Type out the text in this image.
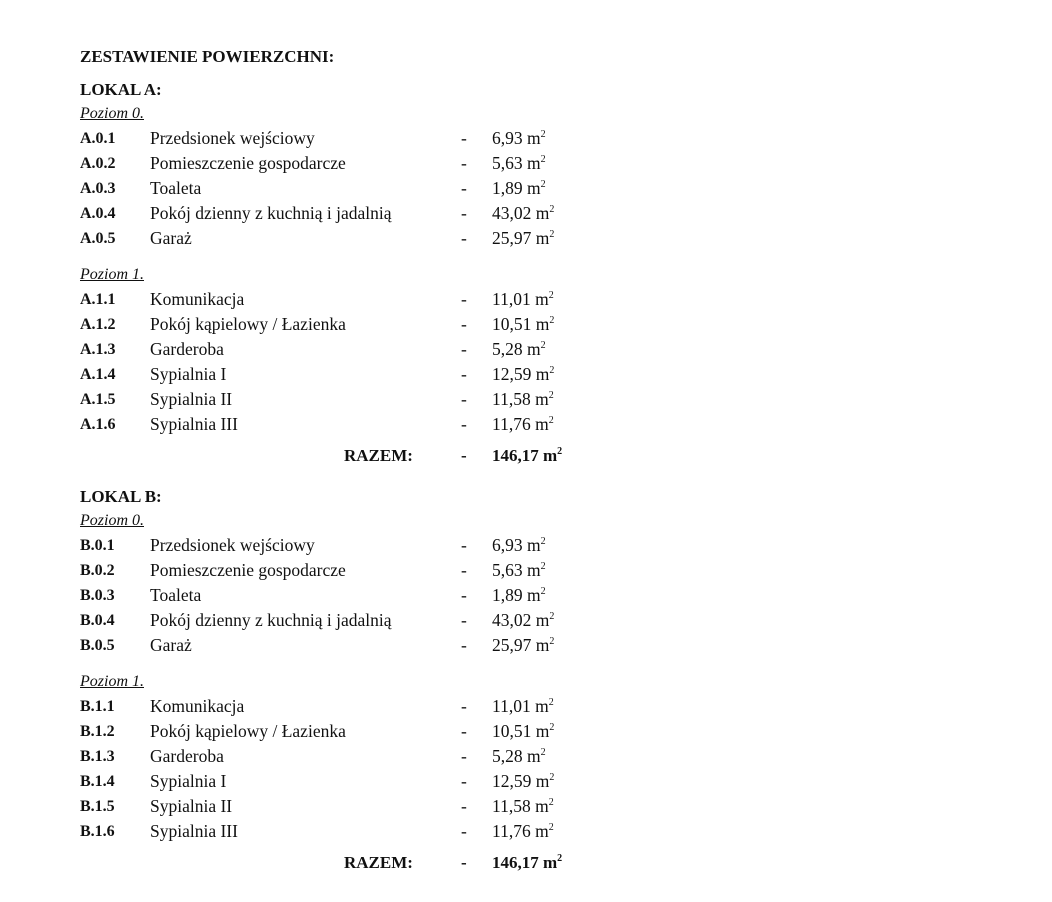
ZESTAWIENIE POWIERZCHNI:
LOKAL A:
Poziom 0.
A.0.1 Przedsionek wejściowy	- 6,93 $m^2$
A.0.2 Pomieszczenie gospodarcze	- 5,63 $m^2$
A.0.3 Toaleta	- 1,89 $m^2$
A.0.4 Pokój dzienny z kuchnią i jadalnią	- 43,02 $m^2$
A.0.5 Garaż	- 25,97 $m^2$
Poziom 1.
A.1.1 Komunikacja	- 11,01 $m^2$
A.1.2 Pokój kąpielowy / Łazienka	- 10,51 $m^2$
A.1.3 Garderoba	- 5,28 $m^2$
A.1.4 Sypialnia I	- 12,59 $m^2$
A.1.5 Sypialnia II	- 11,58 $m^2$
A.1.6 Sypialnia III	- 11,76 $m^2$
RAZEM:	- 146,17 $m^2$
LOKAL B:
Poziom 0.
B.0.1 Przedsionek wejściowy	- 6,93 $m^2$
B.0.2 Pomieszczenie gospodarcze	- 5,63 $m^2$
B.0.3 Toaleta	- 1,89 $m^2$
B.0.4 Pokój dzienny z kuchnią i jadalnią	- 43,02 $m^2$
B.0.5 Garaż	- 25,97 $m^2$
Poziom 1.
B.1.1 Komunikacja	- 11,01 $m^2$
B.1.2 Pokój kąpielowy / Łazienka	- 10,51 $m^2$
B.1.3 Garderoba	- 5,28 $m^2$
B.1.4 Sypialnia I	- 12,59 $m^2$
B.1.5 Sypialnia II	- 11,58 $m^2$
B.1.6 Sypialnia III	- 11,76 $m^2$
RAZEM:	- 146,17 $m^2$
